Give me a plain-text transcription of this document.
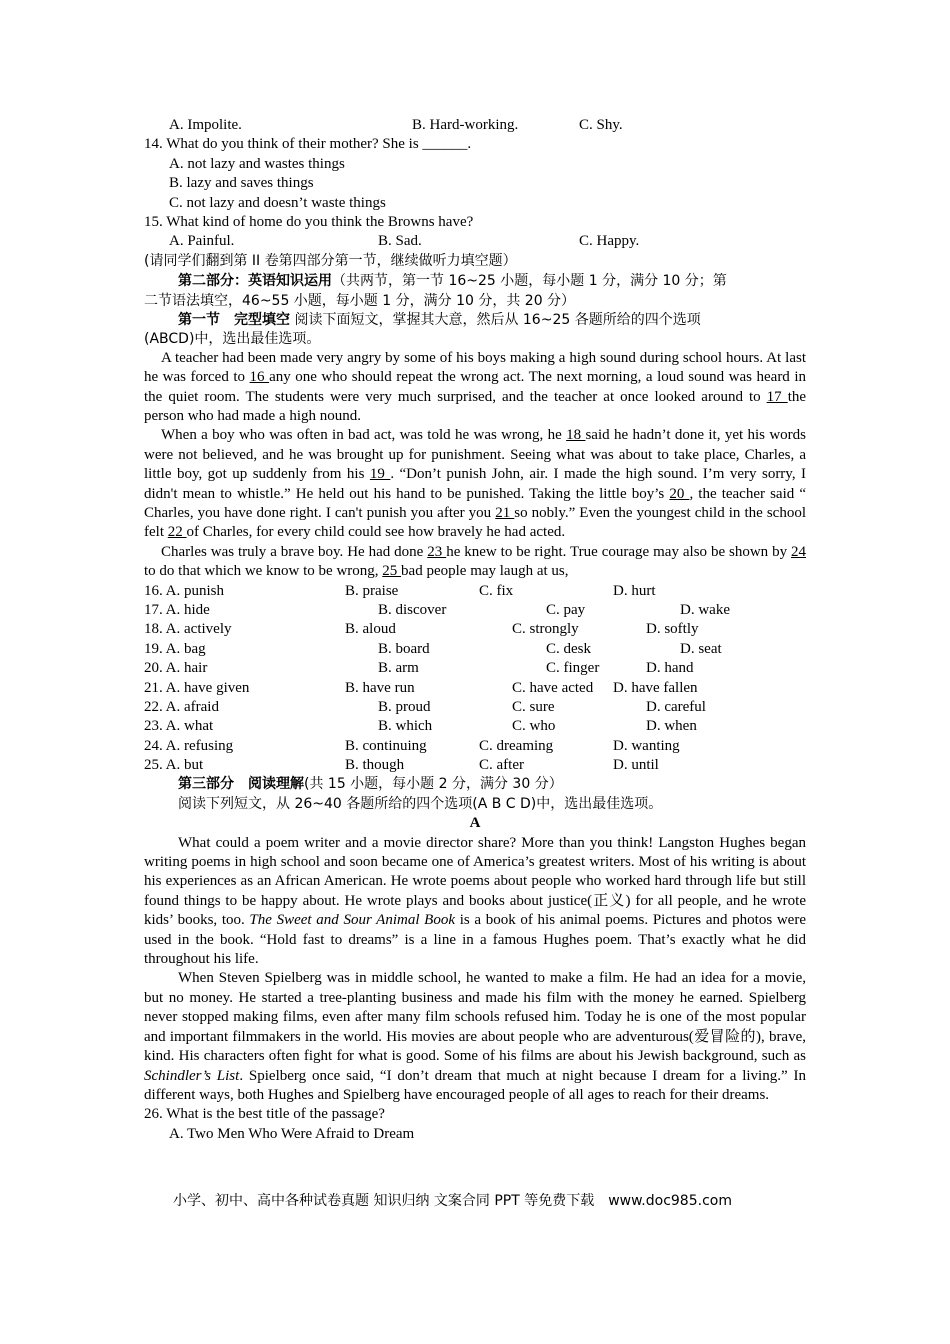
A. Impolite.	B. Hard-working.	C. Shy.
14. What do you think of their mother? She is ______.
A. not lazy and wastes things
B. lazy and saves things
C. not lazy and doesn’t waste things
15. What kind of home do you think the Browns have?
A. Painful.	B. Sad.	C. Happy.
(请同学们翻到第 II 卷第四部分第一节，继续做听力填空题）
第二部分：英语知识运用（共两节，第一节 16~25 小题，每小题 1 分，满分 10 分；第
二节语法填空，46~55 小题，每小题 1 分，满分 10 分，共 20 分）
第一节　完型填空 阅读下面短文，掌握其大意，然后从 16~25 各题所给的四个选项
(ABCD)中，选出最佳选项。
A teacher had been made very angry by some of his boys making a high sound during school hours. At last he was forced to 16 any one who should repeat the wrong act. The next morning, a loud sound was heard in the quiet room. The students were very much surprised, and the teacher at once looked around to 17 the person who had made a high nound.
When a boy who was often in bad act, was told he was wrong, he 18 said he hadn’t done it, yet his words were not believed, and he was brought up for punishment. Seeing what was about to take place, Charles, a little boy, got up suddenly from his 19 . “Don’t punish John, air. I made the high sound. I’m very sorry, I didn't mean to whistle.” He held out his hand to be punished. Taking the little boy’s 20 , the teacher said “ Charles, you have done right. I can't punish you after you 21 so nobly.” Even the youngest child in the school felt 22 of Charles, for every child could see how bravely he had acted.
Charles was truly a brave boy. He had done 23 he knew to be right. True courage may also be shown by 24 to do that which we know to be wrong, 25 bad people may laugh at us,
16. A. punish	B. praise	C. fix	D. hurt
17. A. hide	B. discover	C. pay	D. wake
18. A. actively	B. aloud	C. strongly	D. softly
19. A. bag	B. board	C. desk	D. seat
20. A. hair	B. arm	C. finger	D. hand
21. A. have given	B. have run	C. have acted D. have fallen
22. A. afraid	B. proud	C. sure	D. careful
23. A. what	B. which	C. who	D. when
24. A. refusing	B. continuing	C. dreaming	D. wanting
25. A. but	B. though	C. after	D. until
第三部分　阅读理解(共 15 小题，每小题 2 分，满分 30 分）
阅读下列短文，从 26~40 各题所给的四个选项(A B C D)中，选出最佳选项。
A
What could a poem writer and a movie director share? More than you think! Langston Hughes began writing poems in high school and soon became one of America’s greatest writers. Most of his writing is about his experiences as an African American. He wrote poems about people who worked hard through life but still found things to be happy about. He wrote plays and books about justice(正义) for all people, and he wrote kids’ books, too. The Sweet and Sour Animal Book is a book of his animal poems. Pictures and photos were used in the book. “Hold fast to dreams” is a line in a famous Hughes poem. That’s exactly what he did throughout his life.
When Steven Spielberg was in middle school, he wanted to make a film. He had an idea for a movie, but no money. He started a tree-planting business and made his film with the money he earned. Spielberg never stopped making films, even after many film schools refused him. Today he is one of the most popular and important filmmakers in the world. His movies are about people who are adventurous(爱冒险的), brave, kind. His characters often fight for what is good. Some of his films are about his Jewish background, such as Schindler’s List. Spielberg once said, “I don’t dream that much at night because I dream for a living.” In different ways, both Hughes and Spielberg have encouraged people of all ages to reach for their dreams.
26. What is the best title of the passage?
A. Two Men Who Were Afraid to Dream
小学、初中、高中各种试卷真题 知识归纳 文案合同 PPT 等免费下载　www.doc985.com
